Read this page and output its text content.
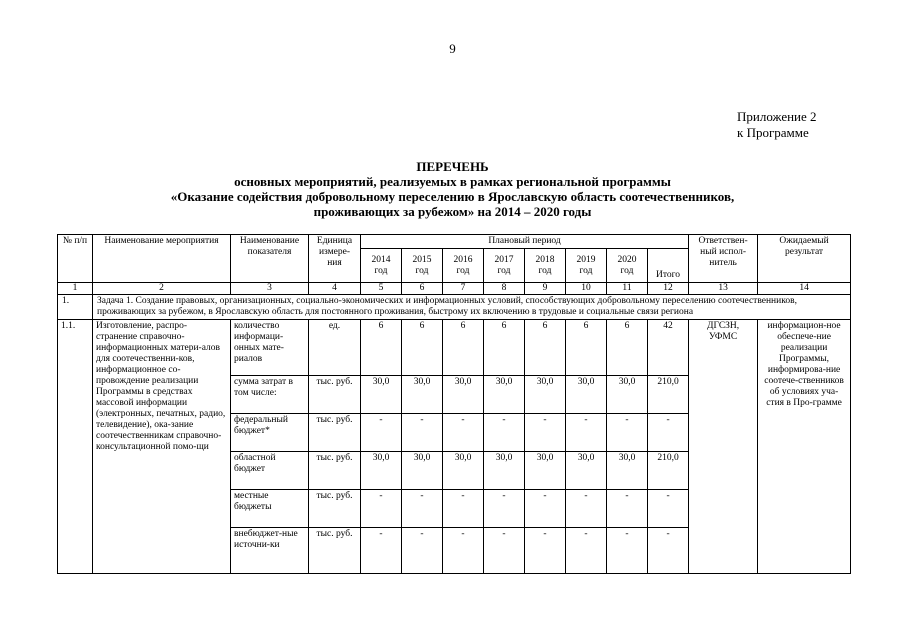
9
Приложение 2
к Программе
ПЕРЕЧЕНЬ
основных мероприятий, реализуемых в рамках региональной программы
«Оказание содействия добровольному переселению в Ярославскую область соотечественников,
проживающих за рубежом» на 2014 – 2020 годы
№ п/п	Наименование мероприятия	Наименование показателя	Единица измере-ния	Плановый период								Ответствен-ный испол-нитель	Ожидаемый результат
				2014 год	2015 год	2016 год	2017 год	2018 год	2019 год	2020 год	Итого		
1	2	3	4	5	6	7	8	9	10	11	12	13	14
1.	Задача 1. Создание правовых, организационных, социально-экономических и информационных условий, способствующих добровольному переселению соотечественников, проживающих за рубежом, в Ярославскую область для постоянного проживания, быстрому их включению в трудовые и социальные связи региона												
1.1.	Изготовление, распро-странение справочно-информационных матери-алов для соотечественни-ков, информационное со-провождение реализации Программы в средствах массовой информации (электронных, печатных, радио, телевидение), ока-зание соотечественникам справочно-консультационной помо-щи	количество информаци-онных мате-риалов	ед.	6	6	6	6	6	6	6	42	ДГСЗН, УФМС	информацион-ное обеспече-ние реализации Программы, информирова-ние соотече-ственников об условиях уча-стия в Про-грамме
		сумма затрат в том числе:	тыс. руб.	30,0	30,0	30,0	30,0	30,0	30,0	30,0	210,0		
		федеральный бюджет*	тыс. руб.	-	-	-	-	-	-	-	-		
		областной бюджет	тыс. руб.	30,0	30,0	30,0	30,0	30,0	30,0	30,0	210,0		
		местные бюджеты	тыс. руб.	-	-	-	-	-	-	-	-		
		внебюджет-ные источни-ки	тыс. руб.	-	-	-	-	-	-	-	-		
